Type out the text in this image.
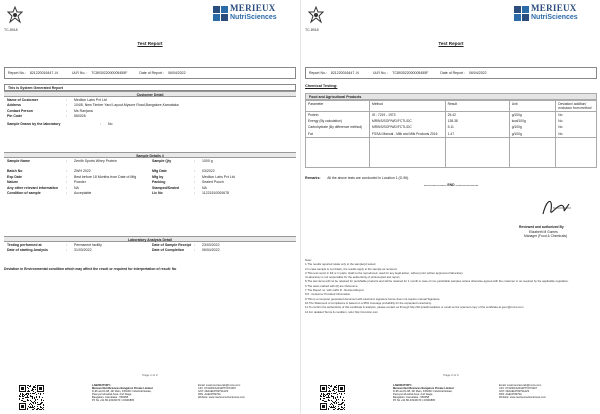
TC-8918
MERIEUX
NutriSciences
Test Report
Report No.: 821220016447 -N	ULR No. : TC893022000005455F	Date of Report : 06/04/2022
This is System Generated Report
Customer Detail
Name of Customer	:	Medlion Labs Pvt Ltd
Address	:	104/8, New Timber Yard Layout,Mysore Road,Bangalore,Karnataka
Contact Person	:	Ms Ranjana
Pin Code	:	560026
Sample Drawn by the laboratory	:	No
Sample Details #
Sample Name	:	Zenith Sports Whey Protein	Sample Qty	:	1000 g
Batch No	:	ZWH 2022	Mfg Date	:	03/2022
Exp Date	:	Best before 18 Months from Date of Mfg	Mfg by	:	Medlion Labs Pvt Ltd
Nature	:	Powder	Packing	:	Sealed Pouch
Any other relevant information	:	NA	Stamped/Sealed	:	NA
Condition of sample	:	Acceptable	Lic No	:	11221510000678
Laboratory Analysis Detail
Testing performed at	:	Permanent facility	Date of Sample Receipt :	23/03/2022
Date of starting Analysis	:	31/03/2022	Date of Completion	:	06/04/2022
Deviation in Environmental condition which may affect the result or required for interpretation of result: No
Page 1 of 2
LABORATORY:-
Merieux NutriSciences Bangalore Private Limited
D-96 and D-98, 4th Main, KSSIDC Industrial Estate,
Peenya Industrial Area, 2nd Stage,
Bangalore, Karnataka - 560058
Ph No +91 80-23346473 / 23346895
Email: customercare.lab@mxns.com
CIN: U73100KA2014PTC073497
GST: 29AAECP6979A1Z2
PAN: AAECP6979A
Website: www.merieuxnutrisciences.com
TC-8918
MERIEUX
NutriSciences
Test Report
Report No.: 821220016447 -N	ULR No. : TC893022000005455F	Date of Report : 06/04/2022
Chemical Testing:
Food and Agricultural Products
Parameter	Method	Result	Unit	Deviation/ addition/ exclusion from method
Protein	IS : 7219 - 1973	25.42	g/100g	No
Energy (By calculation)	MRINS/SOP/WD/FCTL/DC	138.38	kcal/100g	No
Carbohydrate (By difference method)	MRINS/SOP/WD/FCTL/DC	5.11	g/100g	No
Fat	FSSAI Manual - Milk and Milk Products 2016	1.47	g/100g	No

Remarks: All the above tests are conducted in Location 1 (D-96).
-------------------- END --------------------
Reviewed and authorized By
Elizabeth M Gomes
Manager (Food & Chemicals)
Note:
1.The results reported relate only to the sample(s) tested.
2.In case sample is not drawn, the results apply to the sample as received.
3.This test report in full or in parts, shall not be reproduced, used for any legal action, without prior written approval of laboratory.
4.Laboratory is not responsible for the authenticity of photocopied test report.
5.The test items will not be retained for perishable products and will be retained for 1 month in case of non-perishable samples unless otherwise agreed with the customer or as required by the applicable regulation.
6.The tests marked with (#) are Outsource.
7.The Report no. with suffix R - Revised Report.
8.# - Customer Provided Information.
9.This is a computer generated document with electronic signature hence does not require manual Signature.
10.The Statement of compliance is based on a 95% coverage probability for the expanded uncertainty.
11.To confirm the authenticity of this certificate & analysis, please contact us through http://bit.ly/authmarksize or email us the scanned copy of the certificate at ga.in@mxns.com
12.For detailed Terms & condition, refer http://mxnsinc.com
Page 2 of 2
LABORATORY:-
Merieux NutriSciences Bangalore Private Limited
D-96 and D-98, 4th Main, KSSIDC Industrial Estate,
Peenya Industrial Area, 2nd Stage,
Bangalore, Karnataka - 560058
Ph No +91 80-23346473 / 23346895
Email: customercare.lab@mxns.com
CIN: U73100KA2014PTC073497
GST: 29AAECP6979A1Z2
PAN: AAECP6979A
Website: www.merieuxnutrisciences.com
